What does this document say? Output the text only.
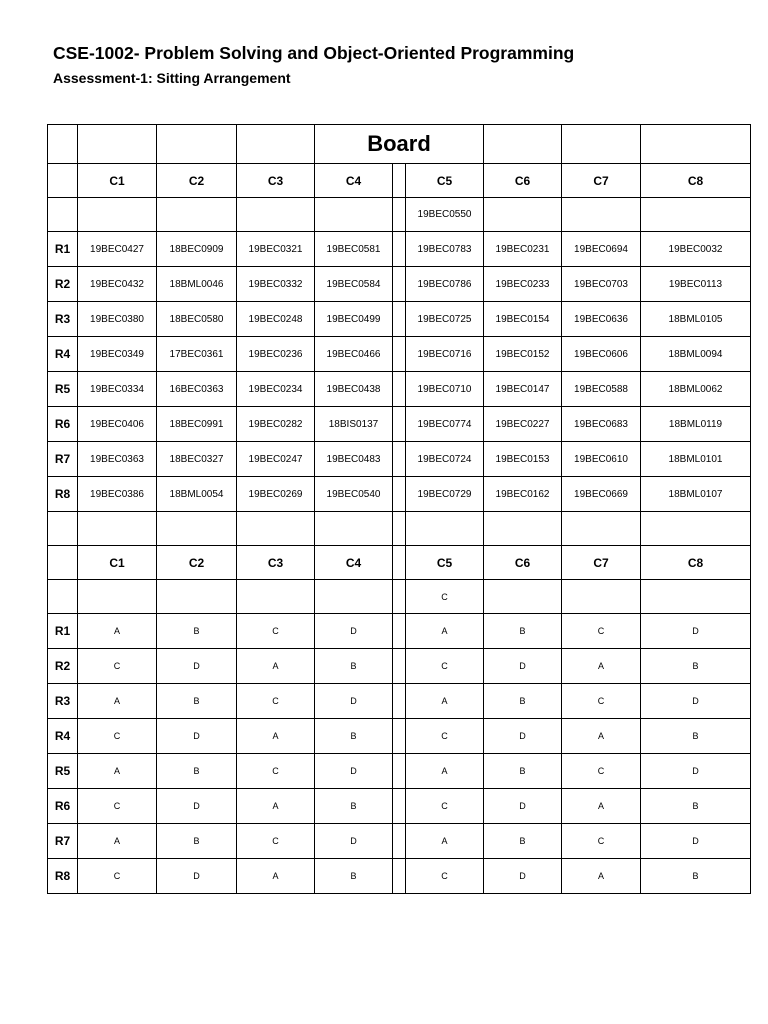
CSE-1002- Problem Solving and Object-Oriented Programming
Assessment-1: Sitting Arrangement
				Board					
	C1	C2	C3	C4		C5	C6	C7	C8
						19BEC0550			
R1	19BEC0427	18BEC0909	19BEC0321	19BEC0581		19BEC0783	19BEC0231	19BEC0694	19BEC0032
R2	19BEC0432	18BML0046	19BEC0332	19BEC0584		19BEC0786	19BEC0233	19BEC0703	19BEC0113
R3	19BEC0380	18BEC0580	19BEC0248	19BEC0499		19BEC0725	19BEC0154	19BEC0636	18BML0105
R4	19BEC0349	17BEC0361	19BEC0236	19BEC0466		19BEC0716	19BEC0152	19BEC0606	18BML0094
R5	19BEC0334	16BEC0363	19BEC0234	19BEC0438		19BEC0710	19BEC0147	19BEC0588	18BML0062
R6	19BEC0406	18BEC0991	19BEC0282	18BIS0137		19BEC0774	19BEC0227	19BEC0683	18BML0119
R7	19BEC0363	18BEC0327	19BEC0247	19BEC0483		19BEC0724	19BEC0153	19BEC0610	18BML0101
R8	19BEC0386	18BML0054	19BEC0269	19BEC0540		19BEC0729	19BEC0162	19BEC0669	18BML0107

	C1	C2	C3	C4		C5	C6	C7	C8
						C			
R1	A	B	C	D		A	B	C	D
R2	C	D	A	B		C	D	A	B
R3	A	B	C	D		A	B	C	D
R4	C	D	A	B		C	D	A	B
R5	A	B	C	D		A	B	C	D
R6	C	D	A	B		C	D	A	B
R7	A	B	C	D		A	B	C	D
R8	C	D	A	B		C	D	A	B
